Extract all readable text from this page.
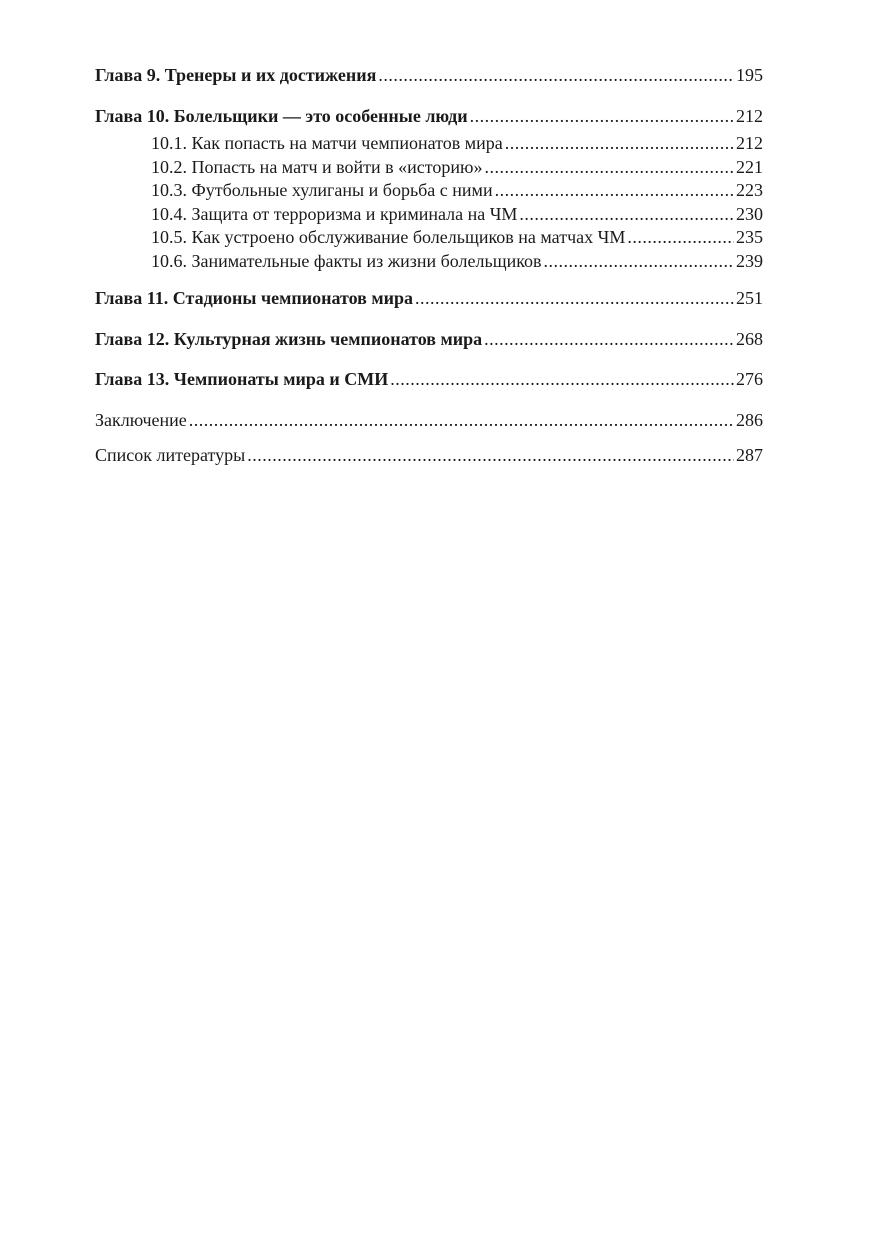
Глава 9. Тренеры и их достижения .....	195
Глава 10. Болельщики — это особенные люди .....	212
10.1. Как попасть на матчи чемпионатов мира .....	212
10.2. Попасть на матч и войти в «историю» .....	221
10.3. Футбольные хулиганы и борьба с ними .....	223
10.4. Защита от терроризма и криминала на ЧМ .....	230
10.5. Как устроено обслуживание болельщиков на матчах ЧМ .....	235
10.6. Занимательные факты из жизни болельщиков .....	239
Глава 11. Стадионы чемпионатов мира .....	251
Глава 12. Культурная жизнь чемпионатов мира .....	268
Глава 13. Чемпионаты мира и СМИ .....	276
Заключение .....	286
Список литературы .....	287
